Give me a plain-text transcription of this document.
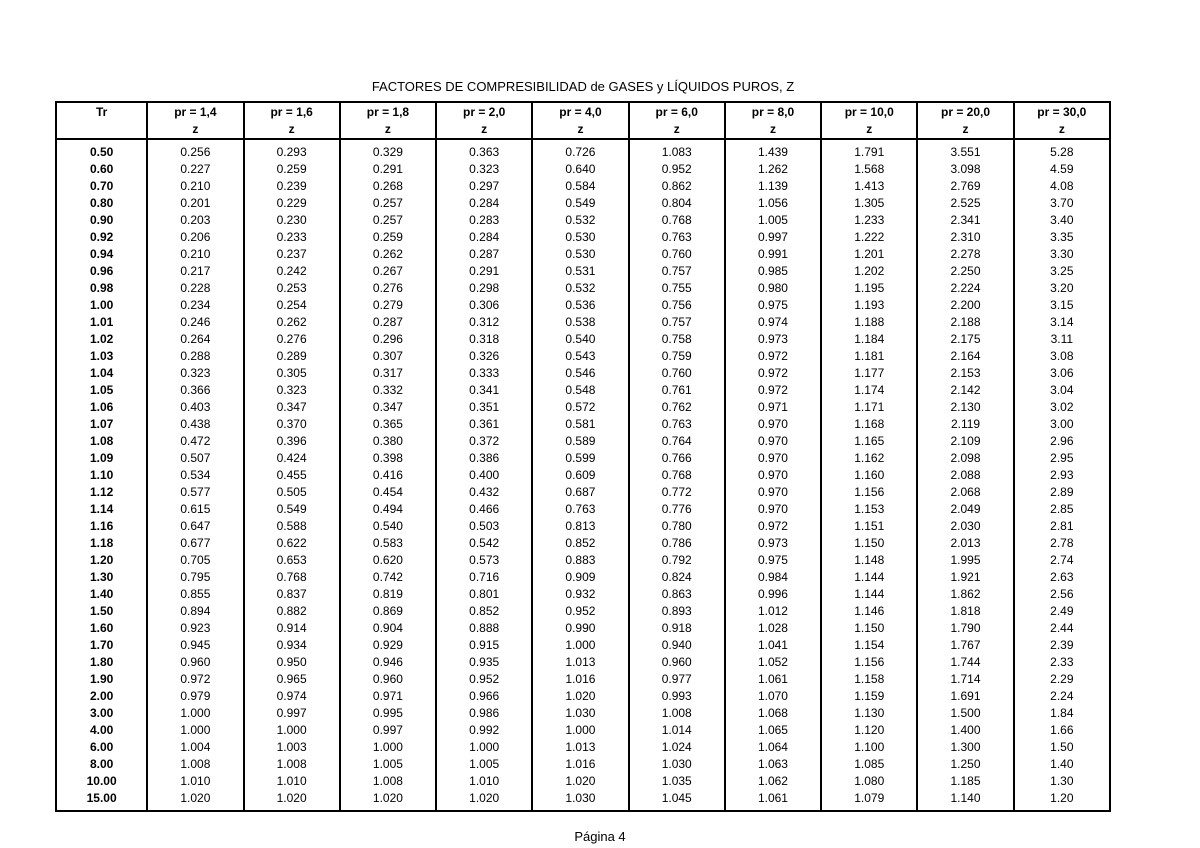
FACTORES DE COMPRESIBILIDAD de GASES y LÍQUIDOS PUROS, Z
Tr	pr = 1,4	pr = 1,6	pr = 1,8	pr = 2,0	pr = 4,0	pr = 6,0	pr = 8,0	pr = 10,0	pr = 20,0	pr = 30,0
	z	z	z	z	z	z	z	z	z	z
0.50	0.256	0.293	0.329	0.363	0.726	1.083	1.439	1.791	3.551	5.28
0.60	0.227	0.259	0.291	0.323	0.640	0.952	1.262	1.568	3.098	4.59
0.70	0.210	0.239	0.268	0.297	0.584	0.862	1.139	1.413	2.769	4.08
0.80	0.201	0.229	0.257	0.284	0.549	0.804	1.056	1.305	2.525	3.70
0.90	0.203	0.230	0.257	0.283	0.532	0.768	1.005	1.233	2.341	3.40
0.92	0.206	0.233	0.259	0.284	0.530	0.763	0.997	1.222	2.310	3.35
0.94	0.210	0.237	0.262	0.287	0.530	0.760	0.991	1.201	2.278	3.30
0.96	0.217	0.242	0.267	0.291	0.531	0.757	0.985	1.202	2.250	3.25
0.98	0.228	0.253	0.276	0.298	0.532	0.755	0.980	1.195	2.224	3.20
1.00	0.234	0.254	0.279	0.306	0.536	0.756	0.975	1.193	2.200	3.15
1.01	0.246	0.262	0.287	0.312	0.538	0.757	0.974	1.188	2.188	3.14
1.02	0.264	0.276	0.296	0.318	0.540	0.758	0.973	1.184	2.175	3.11
1.03	0.288	0.289	0.307	0.326	0.543	0.759	0.972	1.181	2.164	3.08
1.04	0.323	0.305	0.317	0.333	0.546	0.760	0.972	1.177	2.153	3.06
1.05	0.366	0.323	0.332	0.341	0.548	0.761	0.972	1.174	2.142	3.04
1.06	0.403	0.347	0.347	0.351	0.572	0.762	0.971	1.171	2.130	3.02
1.07	0.438	0.370	0.365	0.361	0.581	0.763	0.970	1.168	2.119	3.00
1.08	0.472	0.396	0.380	0.372	0.589	0.764	0.970	1.165	2.109	2.96
1.09	0.507	0.424	0.398	0.386	0.599	0.766	0.970	1.162	2.098	2.95
1.10	0.534	0.455	0.416	0.400	0.609	0.768	0.970	1.160	2.088	2.93
1.12	0.577	0.505	0.454	0.432	0.687	0.772	0.970	1.156	2.068	2.89
1.14	0.615	0.549	0.494	0.466	0.763	0.776	0.970	1.153	2.049	2.85
1.16	0.647	0.588	0.540	0.503	0.813	0.780	0.972	1.151	2.030	2.81
1.18	0.677	0.622	0.583	0.542	0.852	0.786	0.973	1.150	2.013	2.78
1.20	0.705	0.653	0.620	0.573	0.883	0.792	0.975	1.148	1.995	2.74
1.30	0.795	0.768	0.742	0.716	0.909	0.824	0.984	1.144	1.921	2.63
1.40	0.855	0.837	0.819	0.801	0.932	0.863	0.996	1.144	1.862	2.56
1.50	0.894	0.882	0.869	0.852	0.952	0.893	1.012	1.146	1.818	2.49
1.60	0.923	0.914	0.904	0.888	0.990	0.918	1.028	1.150	1.790	2.44
1.70	0.945	0.934	0.929	0.915	1.000	0.940	1.041	1.154	1.767	2.39
1.80	0.960	0.950	0.946	0.935	1.013	0.960	1.052	1.156	1.744	2.33
1.90	0.972	0.965	0.960	0.952	1.016	0.977	1.061	1.158	1.714	2.29
2.00	0.979	0.974	0.971	0.966	1.020	0.993	1.070	1.159	1.691	2.24
3.00	1.000	0.997	0.995	0.986	1.030	1.008	1.068	1.130	1.500	1.84
4.00	1.000	1.000	0.997	0.992	1.000	1.014	1.065	1.120	1.400	1.66
6.00	1.004	1.003	1.000	1.000	1.013	1.024	1.064	1.100	1.300	1.50
8.00	1.008	1.008	1.005	1.005	1.016	1.030	1.063	1.085	1.250	1.40
10.00	1.010	1.010	1.008	1.010	1.020	1.035	1.062	1.080	1.185	1.30
15.00	1.020	1.020	1.020	1.020	1.030	1.045	1.061	1.079	1.140	1.20
Página 4
